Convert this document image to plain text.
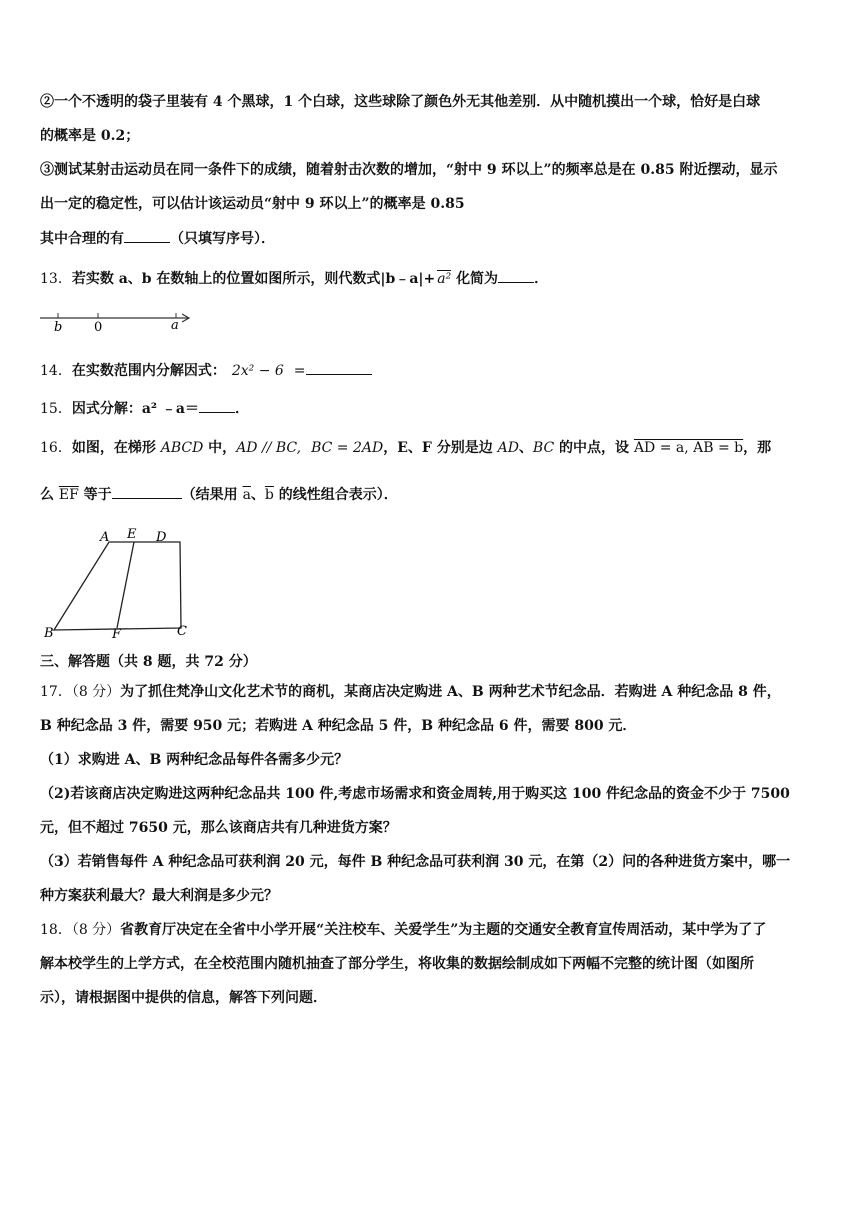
②一个不透明的袋子里装有 4 个黑球，1 个白球，这些球除了颜色外无其他差别．从中随机摸出一个球，恰好是白球
的概率是 0.2；
③测试某射击运动员在同一条件下的成绩，随着射击次数的增加，“射中 9 环以上”的频率总是在 0.85 附近摆动，显示
出一定的稳定性，可以估计该运动员“射中 9 环以上”的概率是 0.85
其中合理的有	（只填写序号）．
13．若实数 a、b 在数轴上的位置如图所示，则代数式|b﹣a|+ a² 化简为	．
b 0	a
14．在实数范围内分解因式： 2x² − 6 =
15．因式分解：a² ﹣a＝	．
16．如图，在梯形 ABCD 中，AD // BC, BC = 2AD，E、F 分别是边 AD、BC 的中点，设 AD = a, AB = b，那
么 $\overline{EF}$ 等于	（结果用 $\overline{a}$、$\overline{b}$ 的线性组合表示）．
A E D
B	F	C
三、解答题（共 8 题，共 72 分）
17．（8 分）为了抓住梵净山文化艺术节的商机，某商店决定购进 A、B 两种艺术节纪念品．若购进 A 种纪念品 8 件，
B 种纪念品 3 件，需要 950 元；若购进 A 种纪念品 5 件，B 种纪念品 6 件，需要 800 元．
（1）求购进 A、B 两种纪念品每件各需多少元？
（2)若该商店决定购进这两种纪念品共 100 件,考虑市场需求和资金周转,用于购买这 100 件纪念品的资金不少于 7500
元，但不超过 7650 元，那么该商店共有几种进货方案？
（3）若销售每件 A 种纪念品可获利润 20 元，每件 B 种纪念品可获利润 30 元，在第（2）问的各种进货方案中，哪一
种方案获利最大？最大利润是多少元？
18．（8 分）省教育厅决定在全省中小学开展“关注校车、关爱学生”为主题的交通安全教育宣传周活动，某中学为了了
解本校学生的上学方式，在全校范围内随机抽查了部分学生，将收集的数据绘制成如下两幅不完整的统计图（如图所
示），请根据图中提供的信息，解答下列问题．
